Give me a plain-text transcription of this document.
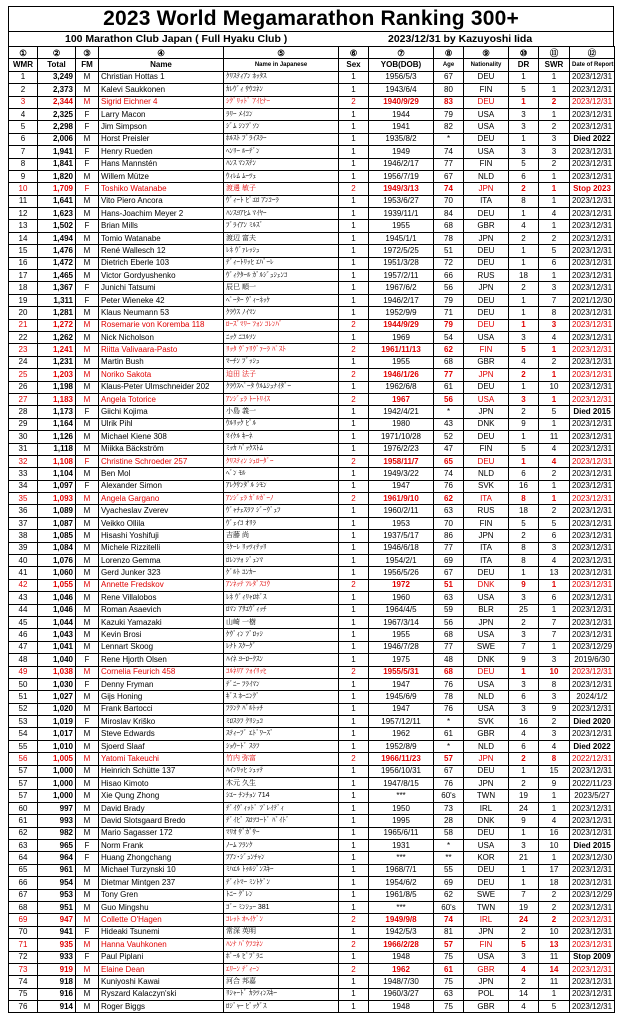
2023 World Megamarathon Ranking 300+
100 Marathon Club Japan ( Full Hyaku Club )	2023/12/31 by Kazuyoshi Iida
①	②	③	④	⑤	⑥	⑦	⑧	⑨	⑩	⑪	⑫
WMR	Total	FM	Name	Name in Japanese	Sex	YOB(DOB)	Age	Nationality	DR	SWR	Date of Report
1	3,249	M	Christian Hottas 1	ｸﾘｽﾃｨｱﾝ ﾎｯﾀｽ	1	1956/5/3	67	DEU	1	1	2023/12/31
2	2,373	M	Kalevi Saukkonen	ｶﾚｳﾞｨ ｻｳｺﾈﾝ	1	1943/6/4	80	FIN	5	1	2023/12/31
3	2,344	M	Sigrid Eichner 4	ｼｸﾞﾘｯﾄﾞ ｱｲﾋﾅｰ	2	1940/9/29	83	DEU	1	2	2023/12/31
4	2,325	F	Larry Macon	ﾗﾘｰ ﾒｲｺﾝ	1	1944	79	USA	3	1	2023/12/31
5	2,298	F	Jim Simpson	ｼﾞﾑ ｼﾝﾌﾟｿﾝ	1	1941	82	USA	3	2	2023/12/31
6	2,006	M	Horst Preisler	ﾎﾙｽﾄ ﾌﾟﾗｲｽﾗｰ	1	1935/8/2	*	DEU	1	3	Died 2022
7	1,941	F	Henry Rueden	ﾍﾝﾘｰ ﾙｰﾃﾞﾝ	1	1949	74	USA	3	3	2023/12/31
8	1,841	F	Hans Mannstén	ﾊﾝｽ ﾏﾝｽﾃﾝ	1	1946/2/17	77	FIN	5	2	2023/12/31
9	1,820	M	Willem Mütze	ｳｨﾚﾑ ﾑｰﾂｪ	1	1956/7/19	67	NLD	6	1	2023/12/31
10	1,709	F	Toshiko Watanabe	渡邊 敏子	2	1949/3/13	74	JPN	2	1	Stop 2023
11	1,641	M	Vito Piero Ancora	ｳﾞｨｰﾄ ﾋﾟｴﾛ ｱﾝｺｰﾗ	1	1953/6/27	70	ITA	8	1	2023/12/31
12	1,623	M	Hans-Joachim Meyer 2	ﾊﾝｽﾖｱﾋﾑ ﾏｲﾔｰ	1	1939/11/1	84	DEU	1	4	2023/12/31
13	1,502	F	Brian Mills	ﾌﾞﾗｲｱﾝ ﾐﾙｽﾞ	1	1955	68	GBR	4	1	2023/12/31
14	1,494	M	Tomio Watanabe	渡辺 富夫	1	1945/1/1	78	JPN	2	2	2023/12/31
15	1,476	M	René Wallesch 12	ﾚﾈ ｳﾞｧﾚｯｼｭ	1	1972/5/25	51	DEU	1	5	2023/12/31
16	1,472	M	Dietrich Eberle 103	ﾃﾞｨｰﾄﾘｯﾋ ｴﾊﾞｰﾚ	1	1951/3/28	72	DEU	1	6	2023/12/31
17	1,465	M	Victor Gordyushenko	ｳﾞｨｸﾀｰﾙ ｶﾞﾙｼﾞｭｼｪﾝｺ	1	1957/2/11	66	RUS	18	1	2023/12/31
18	1,367	F	Junichi Tatsumi	辰巳 順一	1	1967/6/2	56	JPN	2	3	2023/12/31
19	1,311	F	Peter Wieneke 42	ﾍﾟｰﾀｰ ｳﾞｨｰﾈｯｹ	1	1946/2/17	79	DEU	1	7	2021/12/30
20	1,281	M	Klaus Neumann 53	ｸﾗｳｽ ﾉｲﾏﾝ	1	1952/9/9	71	DEU	1	8	2023/12/31
21	1,272	M	Rosemarie von Koremba 118	ﾛｰｽﾞﾏﾘｰ ﾌｫﾝ ｺﾚﾝﾊﾞ	2	1944/9/29	79	DEU	1	3	2023/12/31
22	1,262	M	Nick Nicholson	ﾆｯｸ ﾆｺﾙｿﾝ	1	1969	54	USA	3	4	2023/12/31
23	1,241	M	Riitta Valivaara-Pasto	ﾘｯﾀ ｳﾞｧﾘｳﾞｧｰﾗ ﾊﾟｽﾄ	2	1961/11/13	62	FIN	5	1	2023/12/31
24	1,231	M	Martin Bush	ﾏｰﾁﾝ ﾌﾞｯｼｭ	1	1955	68	GBR	4	2	2023/12/31
25	1,203	M	Noriko Sakota	迫田 法子	2	1946/1/26	77	JPN	2	1	2023/12/31
26	1,198	M	Klaus-Peter Ulmschneider 202	ｸﾗｳｽﾍﾟｰﾀ ｳﾙﾑｼｭﾅｲﾀﾞｰ	1	1962/6/8	61	DEU	1	10	2023/12/31
27	1,183	M	Angela Totorice	ｱﾝｼﾞｪﾗ ﾄｰﾄﾘｲｽ	2	1967	56	USA	3	1	2023/12/31
28	1,173	F	Giichi Kojima	小島 義一	1	1942/4/21	*	JPN	2	5	Died 2015
29	1,164	M	Ulrik Pihl	ｳﾙﾘｯｸ ﾋﾟﾙ	1	1980	43	DNK	9	1	2023/12/31
30	1,126	M	Michael Kiene 308	ﾏｲｹﾙ ｷｰﾈ	1	1971/10/28	52	DEU	1	11	2023/12/31
31	1,118	M	Miikka Bäckström	ﾐｯｶ ﾊﾞｯｸｽﾄﾑ	1	1976/2/23	47	FIN	5	4	2023/12/31
32	1,108	F	Christine Schroeder 257	ｸﾘｽﾃｨﾝ ｼｭﾛｰﾀﾞｰ	2	1958/11/7	65	DEU	1	4	2023/12/31
33	1,104	M	Ben Mol	ﾍﾞﾝ ﾓﾙ	1	1949/3/22	74	NLD	6	2	2023/12/31
34	1,097	F	Alexander Simon	ｱﾚｸｻﾝﾀﾞﾙ ｼﾓﾝ	1	1947	76	SVK	16	1	2023/12/31
35	1,093	M	Angela Gargano	ｱﾝｼﾞｪﾗ ｶﾞﾙｶﾞｰﾉ	2	1961/9/10	62	ITA	8	1	2023/12/31
36	1,089	M	Vyacheslav Zverev	ｳﾞｬﾁｪｽﾗﾌ ｼﾞｰｳﾞｪﾌ	1	1960/2/11	63	RUS	18	2	2023/12/31
37	1,087	M	Veikko Ollila	ｳﾞｪｲｺ ｵﾘﾗ	1	1953	70	FIN	5	5	2023/12/31
38	1,085	M	Hisashi Yoshifuji	吉藤 尚	1	1937/5/17	86	JPN	2	6	2023/12/31
39	1,084	M	Michele Rizzitelli	ﾐｹｰﾚ ﾘｯﾂｨﾃｯﾘ	1	1946/6/18	77	ITA	8	3	2023/12/31
40	1,076	M	Lorenzo Gemma	ﾛﾚﾝﾂｫ ｼﾞｪﾝﾏ	1	1954/2/1	69	ITA	8	4	2023/12/31
41	1,060	M	Gerd Junker 323	ｹﾞﾙﾄ ﾕﾝｶｰ	1	1956/5/26	67	DEU	1	13	2023/12/31
42	1,055	M	Annette Fredskov	ｱﾝﾈｯﾃ ﾌﾚﾀﾞｽｺｳ	2	1972	51	DNK	9	1	2023/12/31
43	1,046	M	Rene Villalobos	ﾚﾈ ｳﾞｨﾘｬﾛﾎﾞｽ	1	1960	63	USA	3	6	2023/12/31
44	1,046	M	Roman Asaevich	ﾛﾏﾝ ｱｻｴｳﾞｨｯﾁ	1	1964/4/5	59	BLR	25	1	2023/12/31
45	1,044	M	Kazuki Yamazaki	山崎 一樹	1	1967/3/14	56	JPN	2	7	2023/12/31
46	1,043	M	Kevin Brosi	ｹｳﾞｨﾝ ﾌﾞﾛｯｼ	1	1955	68	USA	3	7	2023/12/31
47	1,041	M	Lennart Skoog	ﾚﾅﾄ ｽｸｰｸﾞ	1	1946/7/28	77	SWE	7	1	2023/12/29
48	1,040	F	Rene Hjorth Olsen	ﾊｲﾈ ﾖｰﾛｰｸｽﾝ	1	1975	48	DNK	9	3	2019/6/30
49	1,038	M	Cornelia Feurich 458	ｺﾙﾈﾘｱ ﾌｫｲﾘｯﾋ	2	1955/5/31	68	DEU	1	10	2023/12/31
50	1,030	F	Denny Fryman	ﾃﾞﾆｰ ﾌﾗｲﾏﾝ	1	1947	76	USA	3	8	2023/12/31
51	1,027	M	Gijs Honing	ｷﾞｽ ﾎｰﾆﾝｸﾞ	1	1945/6/9	78	NLD	6	3	2024/1/2
52	1,020	M	Frank Bartocci	ﾌﾗﾝｸ ﾊﾞﾙﾄｯﾁ	1	1947	76	USA	3	9	2023/12/31
53	1,019	F	Miroslav Kriško	ﾐﾛｽﾗﾌ ｸﾘｼｭｺ	1	1957/12/11	*	SVK	16	2	Died 2020
54	1,017	M	Steve Edwards	ｽﾃｨｰﾌﾞ ｴﾄﾞﾜｰｽﾞ	1	1962	61	GBR	4	3	2023/12/31
55	1,010	M	Sjoerd Slaaf	ｼｮｳｰﾄﾞ ｽﾗﾌ	1	1952/8/9	*	NLD	6	4	Died 2022
56	1,005	M	Yatomi Takeuchi	竹内 弥富	2	1966/11/23	57	JPN	2	8	2022/12/31
57	1,000	M	Heinrich Schütte 137	ﾊｲﾝﾘｯﾋ ｼｭｯﾃ	1	1956/10/31	67	DEU	1	15	2023/12/31
57	1,000	M	Hisao Kimoto	木元 久生	1	1947/8/15	76	JPN	2	9	2022/11/23
57	1,000	M	Xie Qung Zhong	ｼｴｰ ﾁﾝﾁｮﾝ 714	1	***	60's	TWN	19	1	2023/5/27
60	997	M	David Brady	ﾃﾞｲｳﾞｨｯﾄﾞ ﾌﾞﾚｲﾃﾞｨ	1	1950	73	IRL	24	1	2023/12/31
61	993	M	David Slotsgaard Bredo	ﾃﾞｲﾋﾞ ｽﾛﾂｺｰﾄﾞ ﾊﾞｲﾄﾞ	1	1995	28	DNK	9	4	2023/12/31
62	982	M	Mario Sagasser 172	ﾏﾘｵ ｻﾞｶﾞｻｰ	1	1965/6/11	58	DEU	1	16	2023/12/31
63	965	F	Norm Frank	ﾉｰﾑ ﾌﾗﾝｸ	1	1931	*	USA	3	10	Died 2015
64	964	F	Huang Zhongchang	ﾌｱﾝ･ｼﾞｭﾝﾁｬﾝ	1	***	**	KOR	21	1	2023/12/30
65	961	M	Michael Turzynski 10	ﾐﾊｴﾙ ﾄｩﾙｼﾞﾝｽｷｰ	1	1968/7/1	55	DEU	1	17	2023/12/31
66	954	M	Dietmar Mintgen 237	ﾃﾞｨﾄﾏｰ ﾐﾝﾄｹﾞﾝ	1	1954/6/2	69	DEU	1	18	2023/12/31
67	953	M	Tony Gren	ﾄﾆｰ ｸﾞﾚﾝ	1	1961/8/5	62	SWE	7	2	2023/12/29
68	951	M	Guo Mingshu	ｺﾞｰ ﾐﾝｼｭｰ 381	1	***	60's	TWN	19	2	2023/12/31
69	947	M	Collette O'Hagen	ｺﾚｯﾄ ｵﾍｲｹﾞﾝ	2	1949/9/8	74	IRL	24	2	2023/12/31
70	941	F	Hideaki Tsunemi	常深 英明	1	1942/5/3	81	JPN	2	10	2023/12/31
71	935	M	Hanna Vauhkonen	ﾊﾝﾅ ﾊﾞｳﾌｺﾈﾝ	2	1966/2/28	57	FIN	5	13	2023/12/31
72	933	F	Paul Piplani	ﾎﾟｰﾙ ﾋﾟﾌﾟﾗﾆ	1	1948	75	USA	3	11	Stop 2009
73	919	M	Elaine Dean	ｴﾘｰﾝ ﾃﾞｨｰﾝ	2	1962	61	GBR	4	14	2023/12/31
74	918	M	Kuniyoshi Kawai	河合 邦嘉	1	1948/7/30	75	JPN	2	11	2023/12/31
75	916	M	Ryszard Kalaczyn'ski	ﾘｼｬｰﾄﾞ ｶﾗﾂｨﾝｽｷｰ	1	1960/3/27	63	POL	14	1	2023/12/31
76	914	M	Roger Biggs	ﾛｼﾞｬｰ ﾋﾞｯｸﾞｽ	1	1948	75	GBR	4	5	2023/12/31
